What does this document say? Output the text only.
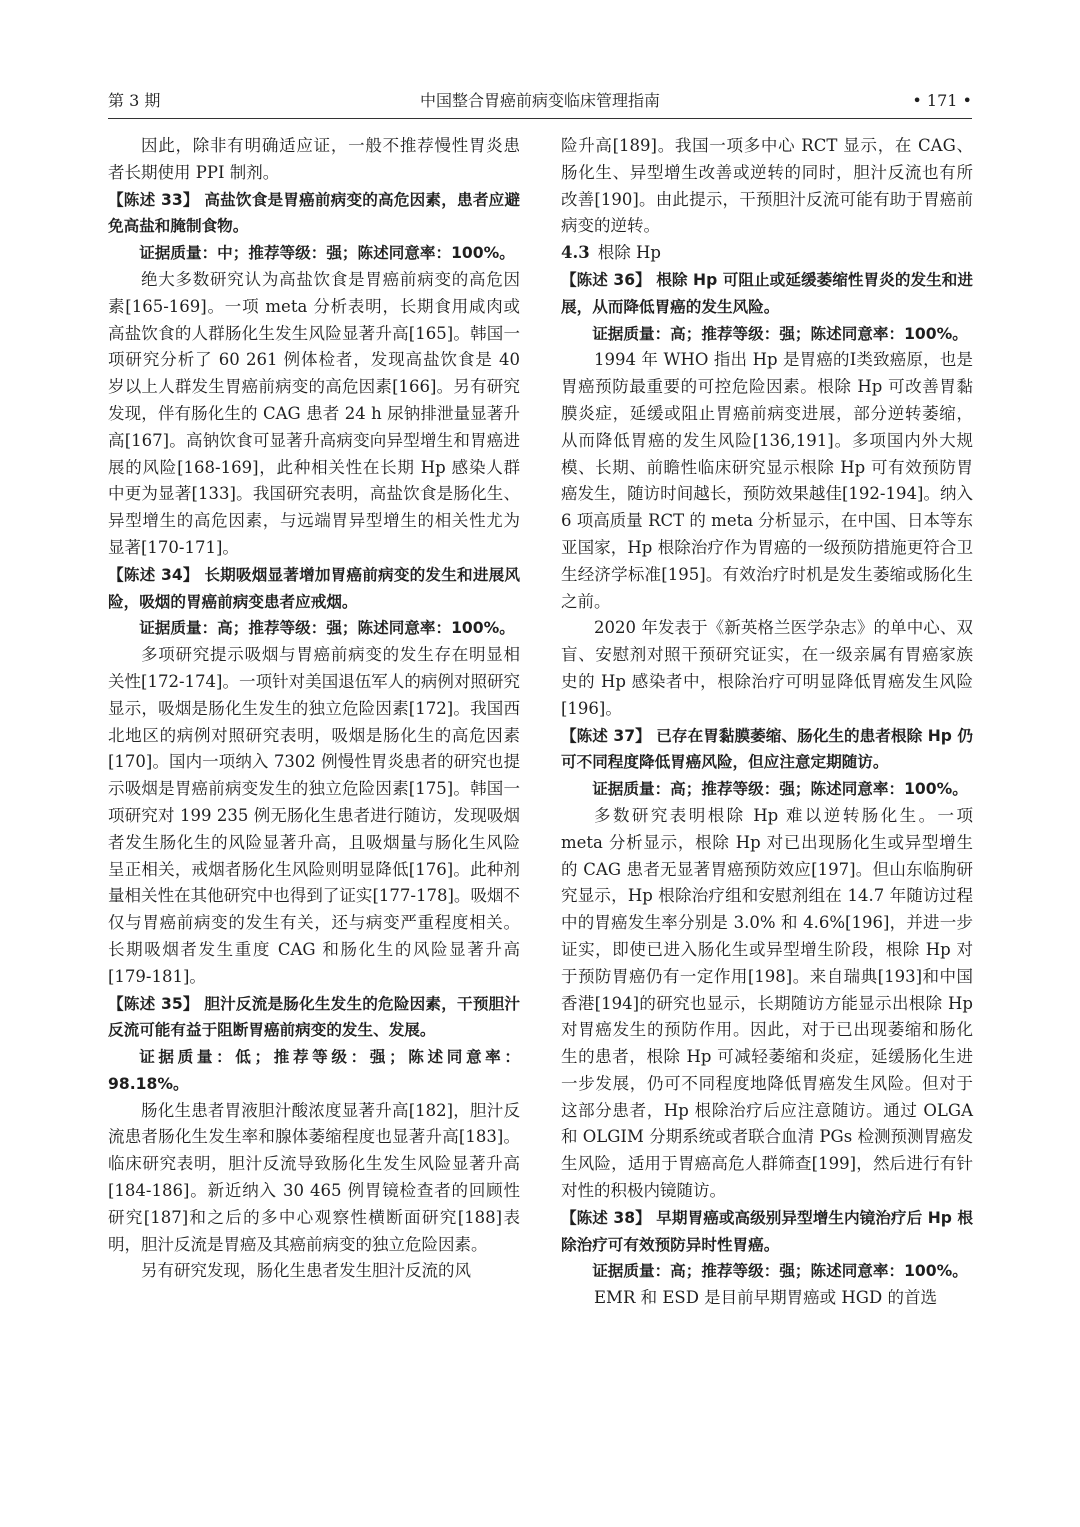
第 3 期	中国整合胃癌前病变临床管理指南	• 171 •

因此，除非有明确适应证，一般不推荐慢性胃炎患者长期使用 PPI 制剂。

【陈述 33】 高盐饮食是胃癌前病变的高危因素，患者应避免高盐和腌制食物。

证据质量：中；推荐等级：强；陈述同意率：100%。

绝大多数研究认为高盐饮食是胃癌前病变的高危因素[165-169]。一项 meta 分析表明，长期食用咸肉或高盐饮食的人群肠化生发生风险显著升高[165]。韩国一项研究分析了 60 261 例体检者，发现高盐饮食是 40 岁以上人群发生胃癌前病变的高危因素[166]。另有研究发现，伴有肠化生的 CAG 患者 24 h 尿钠排泄量显著升高[167]。高钠饮食可显著升高病变向异型增生和胃癌进展的风险[168-169]，此种相关性在长期 Hp 感染人群中更为显著[133]。我国研究表明，高盐饮食是肠化生、异型增生的高危因素，与远端胃异型增生的相关性尤为显著[170-171]。

【陈述 34】 长期吸烟显著增加胃癌前病变的发生和进展风险，吸烟的胃癌前病变患者应戒烟。

证据质量：高；推荐等级：强；陈述同意率：100%。

多项研究提示吸烟与胃癌前病变的发生存在明显相关性[172-174]。一项针对美国退伍军人的病例对照研究显示，吸烟是肠化生发生的独立危险因素[172]。我国西北地区的病例对照研究表明，吸烟是肠化生的高危因素[170]。国内一项纳入 7302 例慢性胃炎患者的研究也提示吸烟是胃癌前病变发生的独立危险因素[175]。韩国一项研究对 199 235 例无肠化生患者进行随访，发现吸烟者发生肠化生的风险显著升高，且吸烟量与肠化生风险呈正相关，戒烟者肠化生风险则明显降低[176]。此种剂量相关性在其他研究中也得到了证实[177-178]。吸烟不仅与胃癌前病变的发生有关，还与病变严重程度相关。长期吸烟者发生重度 CAG 和肠化生的风险显著升高[179-181]。

【陈述 35】 胆汁反流是肠化生发生的危险因素，干预胆汁反流可能有益于阻断胃癌前病变的发生、发展。

证据质量：低；推荐等级：强；陈述同意率：98.18%。

肠化生患者胃液胆汁酸浓度显著升高[182]，胆汁反流患者肠化生发生率和腺体萎缩程度也显著升高[183]。临床研究表明，胆汁反流导致肠化生发生风险显著升高[184-186]。新近纳入 30 465 例胃镜检查者的回顾性研究[187]和之后的多中心观察性横断面研究[188]表明，胆汁反流是胃癌及其癌前病变的独立危险因素。

另有研究发现，肠化生患者发生胆汁反流的风

险升高[189]。我国一项多中心 RCT 显示，在 CAG、肠化生、异型增生改善或逆转的同时，胆汁反流也有所改善[190]。由此提示，干预胆汁反流可能有助于胃癌前病变的逆转。

4.3 根除 Hp

【陈述 36】 根除 Hp 可阻止或延缓萎缩性胃炎的发生和进展，从而降低胃癌的发生风险。

证据质量：高；推荐等级：强；陈述同意率：100%。

1994 年 WHO 指出 Hp 是胃癌的Ⅰ类致癌原，也是胃癌预防最重要的可控危险因素。根除 Hp 可改善胃黏膜炎症，延缓或阻止胃癌前病变进展，部分逆转萎缩，从而降低胃癌的发生风险[136,191]。多项国内外大规模、长期、前瞻性临床研究显示根除 Hp 可有效预防胃癌发生，随访时间越长，预防效果越佳[192-194]。纳入 6 项高质量 RCT 的 meta 分析显示，在中国、日本等东亚国家，Hp 根除治疗作为胃癌的一级预防措施更符合卫生经济学标准[195]。有效治疗时机是发生萎缩或肠化生之前。

2020 年发表于《新英格兰医学杂志》的单中心、双盲、安慰剂对照干预研究证实，在一级亲属有胃癌家族史的 Hp 感染者中，根除治疗可明显降低胃癌发生风险[196]。

【陈述 37】 已存在胃黏膜萎缩、肠化生的患者根除 Hp 仍可不同程度降低胃癌风险，但应注意定期随访。

证据质量：高；推荐等级：强；陈述同意率：100%。

多数研究表明根除 Hp 难以逆转肠化生。一项 meta 分析显示，根除 Hp 对已出现肠化生或异型增生的 CAG 患者无显著胃癌预防效应[197]。但山东临朐研究显示，Hp 根除治疗组和安慰剂组在 14.7 年随访过程中的胃癌发生率分别是 3.0% 和 4.6%[196]，并进一步证实，即使已进入肠化生或异型增生阶段，根除 Hp 对于预防胃癌仍有一定作用[198]。来自瑞典[193]和中国香港[194]的研究也显示，长期随访方能显示出根除 Hp 对胃癌发生的预防作用。因此，对于已出现萎缩和肠化生的患者，根除 Hp 可减轻萎缩和炎症，延缓肠化生进一步发展，仍可不同程度地降低胃癌发生风险。但对于这部分患者，Hp 根除治疗后应注意随访。通过 OLGA 和 OLGIM 分期系统或者联合血清 PGs 检测预测胃癌发生风险，适用于胃癌高危人群筛查[199]，然后进行有针对性的积极内镜随访。

【陈述 38】 早期胃癌或高级别异型增生内镜治疗后 Hp 根除治疗可有效预防异时性胃癌。

证据质量：高；推荐等级：强；陈述同意率：100%。

EMR 和 ESD 是目前早期胃癌或 HGD 的首选
